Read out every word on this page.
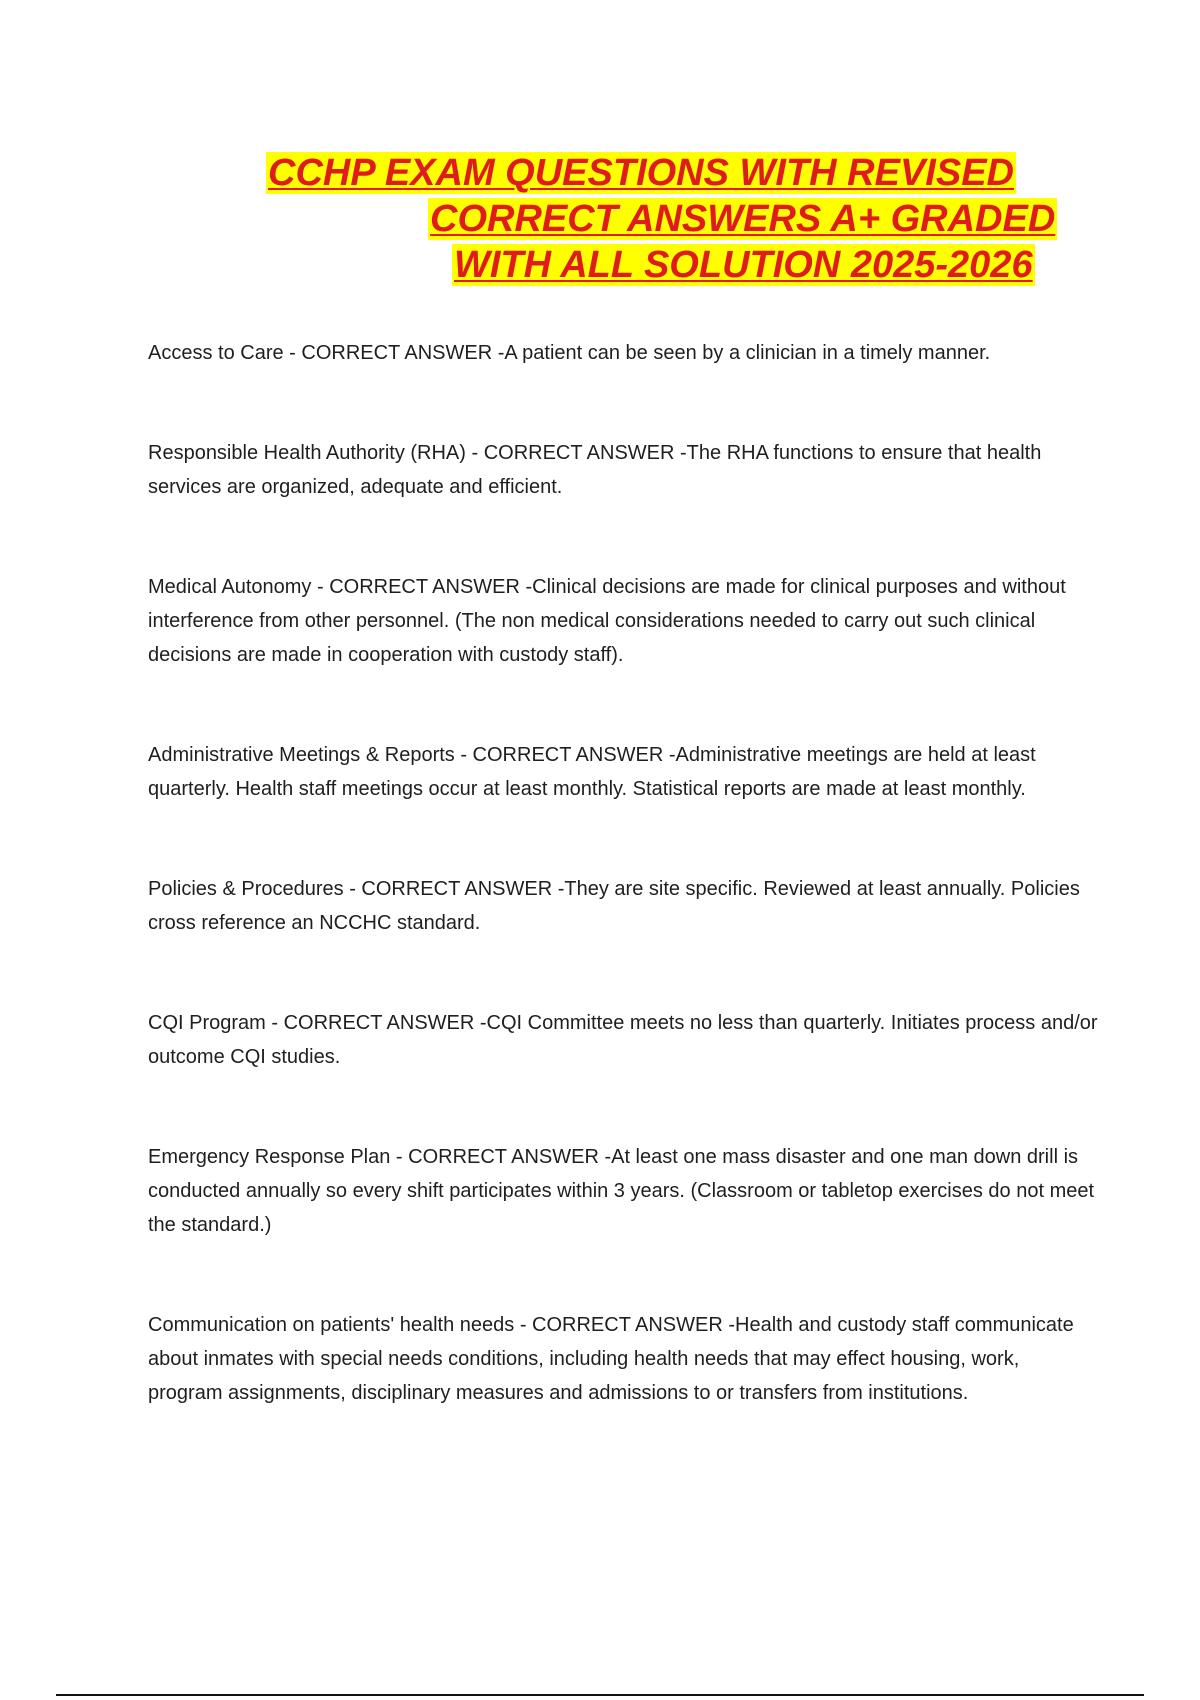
CCHP EXAM QUESTIONS WITH REVISED
CORRECT ANSWERS A+ GRADED
WITH ALL SOLUTION 2025-2026

Access to Care - CORRECT ANSWER -A patient can be seen by a clinician in a timely manner.

Responsible Health Authority (RHA) - CORRECT ANSWER -The RHA functions to ensure that health services are organized, adequate and efficient.

Medical Autonomy - CORRECT ANSWER -Clinical decisions are made for clinical purposes and without interference from other personnel. (The non medical considerations needed to carry out such clinical decisions are made in cooperation with custody staff).

Administrative Meetings & Reports - CORRECT ANSWER -Administrative meetings are held at least quarterly. Health staff meetings occur at least monthly. Statistical reports are made at least monthly.

Policies & Procedures - CORRECT ANSWER -They are site specific. Reviewed at least annually. Policies cross reference an NCCHC standard.

CQI Program - CORRECT ANSWER -CQI Committee meets no less than quarterly. Initiates process and/or outcome CQI studies.

Emergency Response Plan - CORRECT ANSWER -At least one mass disaster and one man down drill is conducted annually so every shift participates within 3 years. (Classroom or tabletop exercises do not meet the standard.)

Communication on patients' health needs - CORRECT ANSWER -Health and custody staff communicate about inmates with special needs conditions, including health needs that may effect housing, work, program assignments, disciplinary measures and admissions to or transfers from institutions.
